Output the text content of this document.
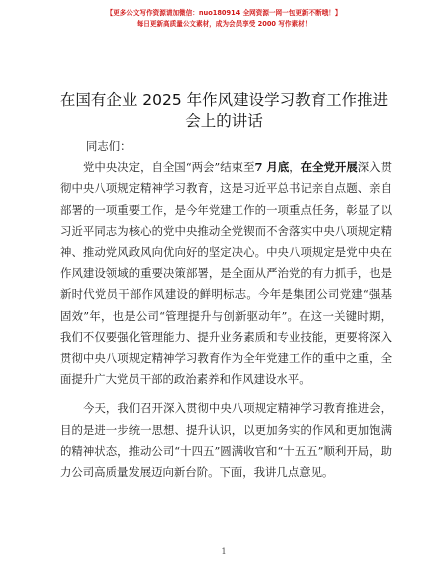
【更多公文写作资源请加微信：nuo180914 全网资源一网一包更新不断哦！】
每日更新高质量公文素材，成为会员享受 2000 写作素材！
在国有企业 2025 年作风建设学习教育工作推进
会上的讲话

同志们：

党中央决定，自全国“两会”结束至7 月底，在全党开展深入贯彻中央八项规定精神学习教育，这是习近平总书记亲自点题、亲自部署的一项重要工作，是今年党建工作的一项重点任务，彰显了以习近平同志为核心的党中央推动全党锲而不舍落实中央八项规定精神、推动党风政风向优向好的坚定决心。中央八项规定是党中央在作风建设领域的重要决策部署，是全面从严治党的有力抓手，也是新时代党员干部作风建设的鲜明标志。今年是集团公司党建“强基固效”年，也是公司“管理提升与创新驱动年”。在这一关键时期，我们不仅要强化管理能力、提升业务素质和专业技能，更要将深入贯彻中央八项规定精神学习教育作为全年党建工作的重中之重，全面提升广大党员干部的政治素养和作风建设水平。

今天，我们召开深入贯彻中央八项规定精神学习教育推进会，目的是进一步统一思想、提升认识，以更加务实的作风和更加饱满的精神状态，推动公司“十四五”圆满收官和“十五五”顺利开局，助力公司高质量发展迈向新台阶。下面，我讲几点意见。

1
